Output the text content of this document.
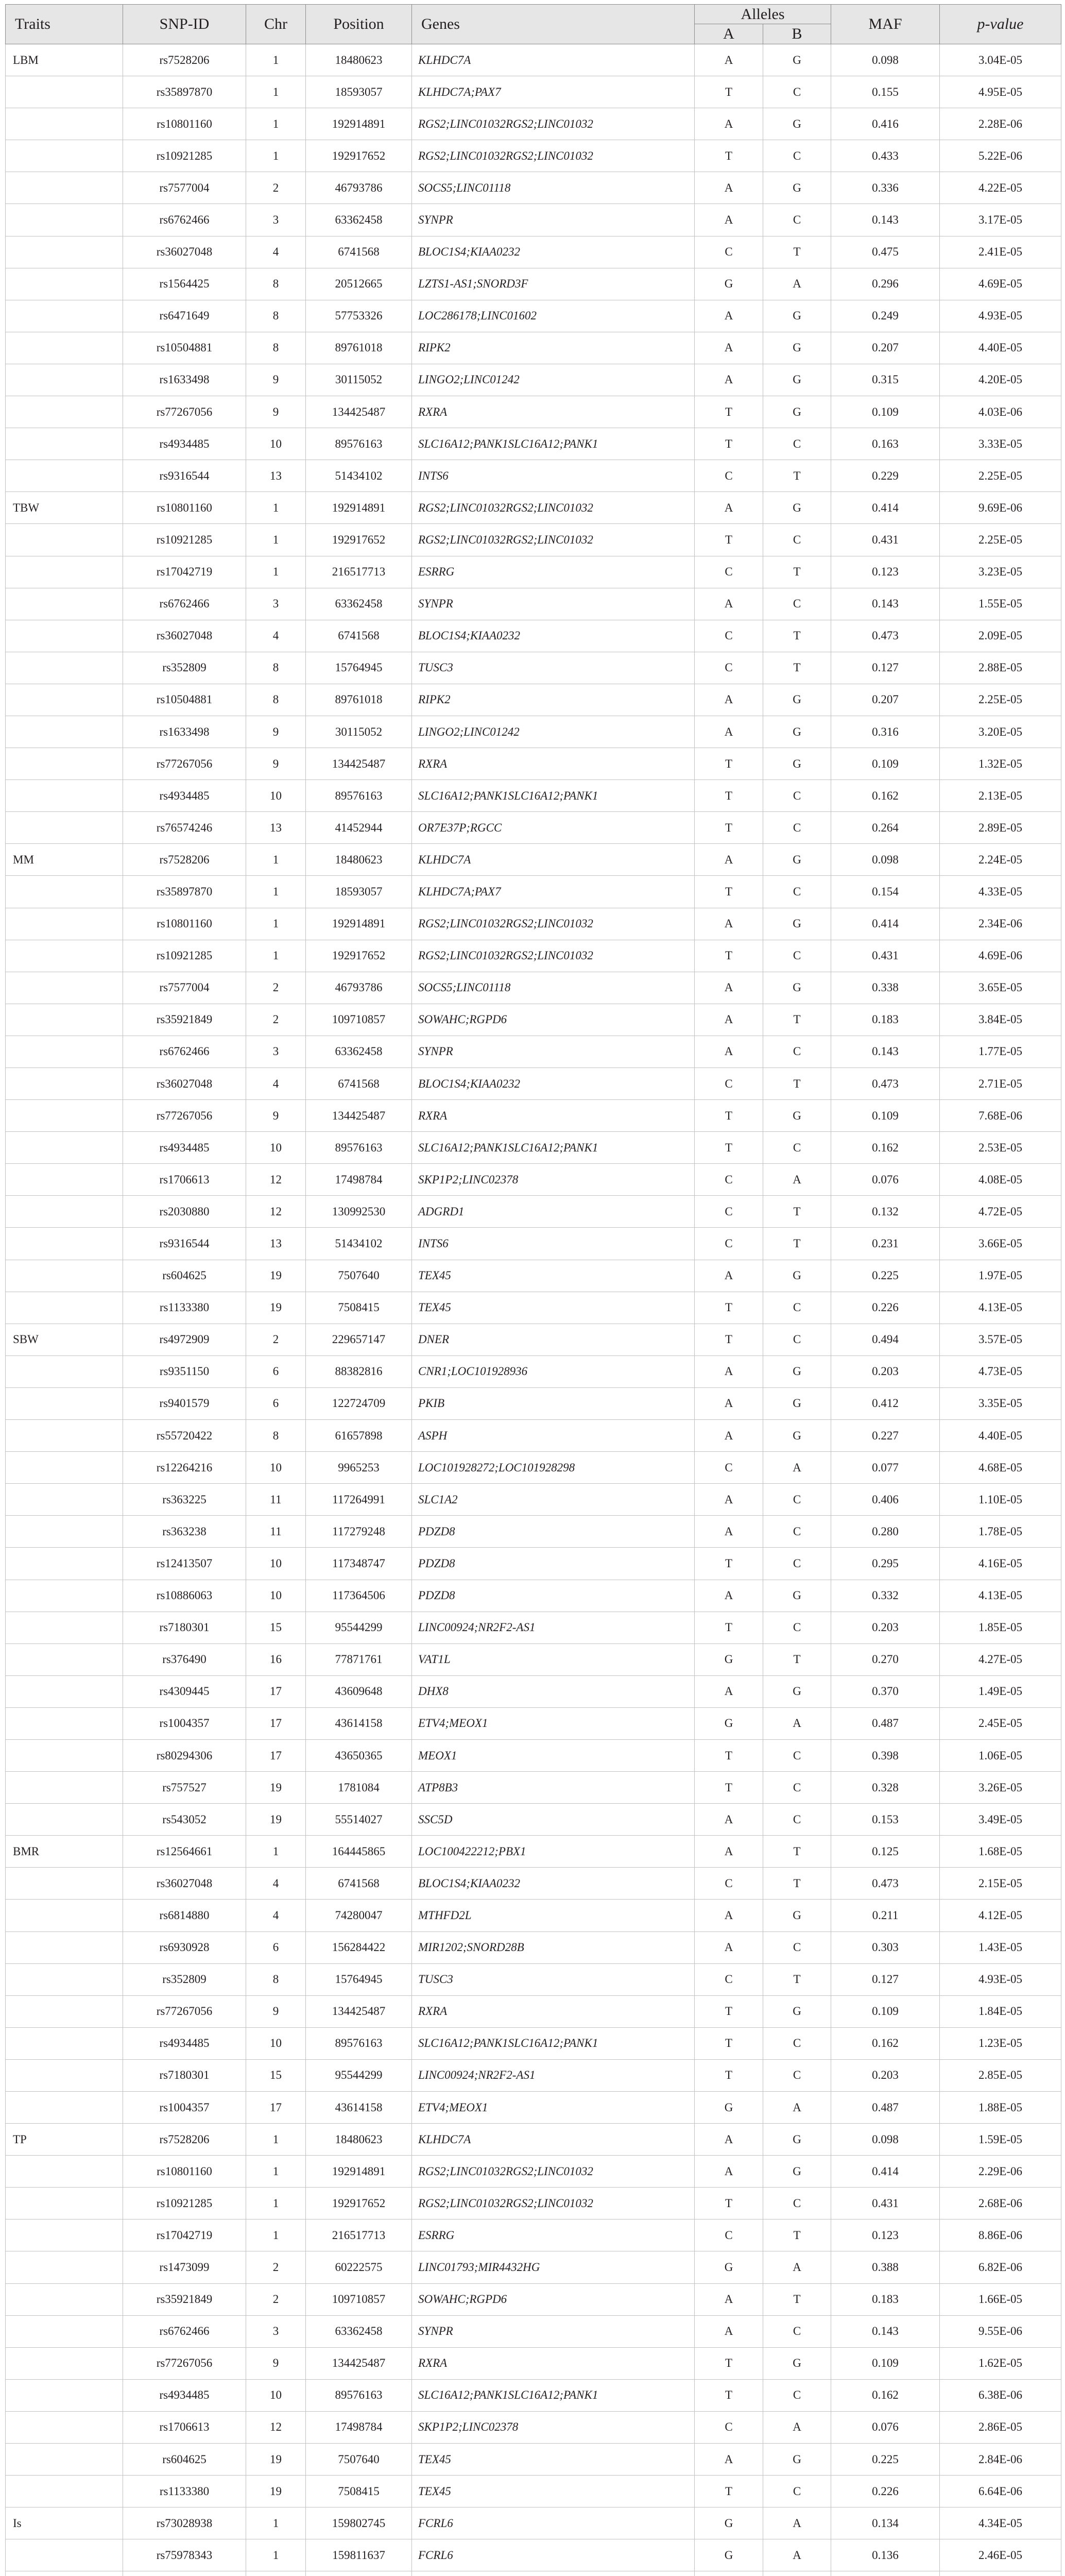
Traits	SNP-ID	Chr	Position	Genes	Alleles		MAF	p-value
					A	B		
LBM	rs7528206	1	18480623	KLHDC7A	A	G	0.098	3.04E-05
	rs35897870	1	18593057	KLHDC7A;PAX7	T	C	0.155	4.95E-05
	rs10801160	1	192914891	RGS2;LINC01032RGS2;LINC01032	A	G	0.416	2.28E-06
	rs10921285	1	192917652	RGS2;LINC01032RGS2;LINC01032	T	C	0.433	5.22E-06
	rs7577004	2	46793786	SOCS5;LINC01118	A	G	0.336	4.22E-05
	rs6762466	3	63362458	SYNPR	A	C	0.143	3.17E-05
	rs36027048	4	6741568	BLOC1S4;KIAA0232	C	T	0.475	2.41E-05
	rs1564425	8	20512665	LZTS1-AS1;SNORD3F	G	A	0.296	4.69E-05
	rs6471649	8	57753326	LOC286178;LINC01602	A	G	0.249	4.93E-05
	rs10504881	8	89761018	RIPK2	A	G	0.207	4.40E-05
	rs1633498	9	30115052	LINGO2;LINC01242	A	G	0.315	4.20E-05
	rs77267056	9	134425487	RXRA	T	G	0.109	4.03E-06
	rs4934485	10	89576163	SLC16A12;PANK1SLC16A12;PANK1	T	C	0.163	3.33E-05
	rs9316544	13	51434102	INTS6	C	T	0.229	2.25E-05
TBW	rs10801160	1	192914891	RGS2;LINC01032RGS2;LINC01032	A	G	0.414	9.69E-06
	rs10921285	1	192917652	RGS2;LINC01032RGS2;LINC01032	T	C	0.431	2.25E-05
	rs17042719	1	216517713	ESRRG	C	T	0.123	3.23E-05
	rs6762466	3	63362458	SYNPR	A	C	0.143	1.55E-05
	rs36027048	4	6741568	BLOC1S4;KIAA0232	C	T	0.473	2.09E-05
	rs352809	8	15764945	TUSC3	C	T	0.127	2.88E-05
	rs10504881	8	89761018	RIPK2	A	G	0.207	2.25E-05
	rs1633498	9	30115052	LINGO2;LINC01242	A	G	0.316	3.20E-05
	rs77267056	9	134425487	RXRA	T	G	0.109	1.32E-05
	rs4934485	10	89576163	SLC16A12;PANK1SLC16A12;PANK1	T	C	0.162	2.13E-05
	rs76574246	13	41452944	OR7E37P;RGCC	T	C	0.264	2.89E-05
MM	rs7528206	1	18480623	KLHDC7A	A	G	0.098	2.24E-05
	rs35897870	1	18593057	KLHDC7A;PAX7	T	C	0.154	4.33E-05
	rs10801160	1	192914891	RGS2;LINC01032RGS2;LINC01032	A	G	0.414	2.34E-06
	rs10921285	1	192917652	RGS2;LINC01032RGS2;LINC01032	T	C	0.431	4.69E-06
	rs7577004	2	46793786	SOCS5;LINC01118	A	G	0.338	3.65E-05
	rs35921849	2	109710857	SOWAHC;RGPD6	A	T	0.183	3.84E-05
	rs6762466	3	63362458	SYNPR	A	C	0.143	1.77E-05
	rs36027048	4	6741568	BLOC1S4;KIAA0232	C	T	0.473	2.71E-05
	rs77267056	9	134425487	RXRA	T	G	0.109	7.68E-06
	rs4934485	10	89576163	SLC16A12;PANK1SLC16A12;PANK1	T	C	0.162	2.53E-05
	rs1706613	12	17498784	SKP1P2;LINC02378	C	A	0.076	4.08E-05
	rs2030880	12	130992530	ADGRD1	C	T	0.132	4.72E-05
	rs9316544	13	51434102	INTS6	C	T	0.231	3.66E-05
	rs604625	19	7507640	TEX45	A	G	0.225	1.97E-05
	rs1133380	19	7508415	TEX45	T	C	0.226	4.13E-05
SBW	rs4972909	2	229657147	DNER	T	C	0.494	3.57E-05
	rs9351150	6	88382816	CNR1;LOC101928936	A	G	0.203	4.73E-05
	rs9401579	6	122724709	PKIB	A	G	0.412	3.35E-05
	rs55720422	8	61657898	ASPH	A	G	0.227	4.40E-05
	rs12264216	10	9965253	LOC101928272;LOC101928298	C	A	0.077	4.68E-05
	rs363225	11	117264991	SLC1A2	A	C	0.406	1.10E-05
	rs363238	11	117279248	PDZD8	A	C	0.280	1.78E-05
	rs12413507	10	117348747	PDZD8	T	C	0.295	4.16E-05
	rs10886063	10	117364506	PDZD8	A	G	0.332	4.13E-05
	rs7180301	15	95544299	LINC00924;NR2F2-AS1	T	C	0.203	1.85E-05
	rs376490	16	77871761	VAT1L	G	T	0.270	4.27E-05
	rs4309445	17	43609648	DHX8	A	G	0.370	1.49E-05
	rs1004357	17	43614158	ETV4;MEOX1	G	A	0.487	2.45E-05
	rs80294306	17	43650365	MEOX1	T	C	0.398	1.06E-05
	rs757527	19	1781084	ATP8B3	T	C	0.328	3.26E-05
	rs543052	19	55514027	SSC5D	A	C	0.153	3.49E-05
BMR	rs12564661	1	164445865	LOC100422212;PBX1	A	T	0.125	1.68E-05
	rs36027048	4	6741568	BLOC1S4;KIAA0232	C	T	0.473	2.15E-05
	rs6814880	4	74280047	MTHFD2L	A	G	0.211	4.12E-05
	rs6930928	6	156284422	MIR1202;SNORD28B	A	C	0.303	1.43E-05
	rs352809	8	15764945	TUSC3	C	T	0.127	4.93E-05
	rs77267056	9	134425487	RXRA	T	G	0.109	1.84E-05
	rs4934485	10	89576163	SLC16A12;PANK1SLC16A12;PANK1	T	C	0.162	1.23E-05
	rs7180301	15	95544299	LINC00924;NR2F2-AS1	T	C	0.203	2.85E-05
	rs1004357	17	43614158	ETV4;MEOX1	G	A	0.487	1.88E-05
TP	rs7528206	1	18480623	KLHDC7A	A	G	0.098	1.59E-05
	rs10801160	1	192914891	RGS2;LINC01032RGS2;LINC01032	A	G	0.414	2.29E-06
	rs10921285	1	192917652	RGS2;LINC01032RGS2;LINC01032	T	C	0.431	2.68E-06
	rs17042719	1	216517713	ESRRG	C	T	0.123	8.86E-06
	rs1473099	2	60222575	LINC01793;MIR4432HG	G	A	0.388	6.82E-06
	rs35921849	2	109710857	SOWAHC;RGPD6	A	T	0.183	1.66E-05
	rs6762466	3	63362458	SYNPR	A	C	0.143	9.55E-06
	rs77267056	9	134425487	RXRA	T	G	0.109	1.62E-05
	rs4934485	10	89576163	SLC16A12;PANK1SLC16A12;PANK1	T	C	0.162	6.38E-06
	rs1706613	12	17498784	SKP1P2;LINC02378	C	A	0.076	2.86E-05
	rs604625	19	7507640	TEX45	A	G	0.225	2.84E-06
	rs1133380	19	7508415	TEX45	T	C	0.226	6.64E-06
Is	rs73028938	1	159802745	FCRL6	G	A	0.134	4.34E-05
	rs75978343	1	159811637	FCRL6	G	A	0.136	2.46E-05
